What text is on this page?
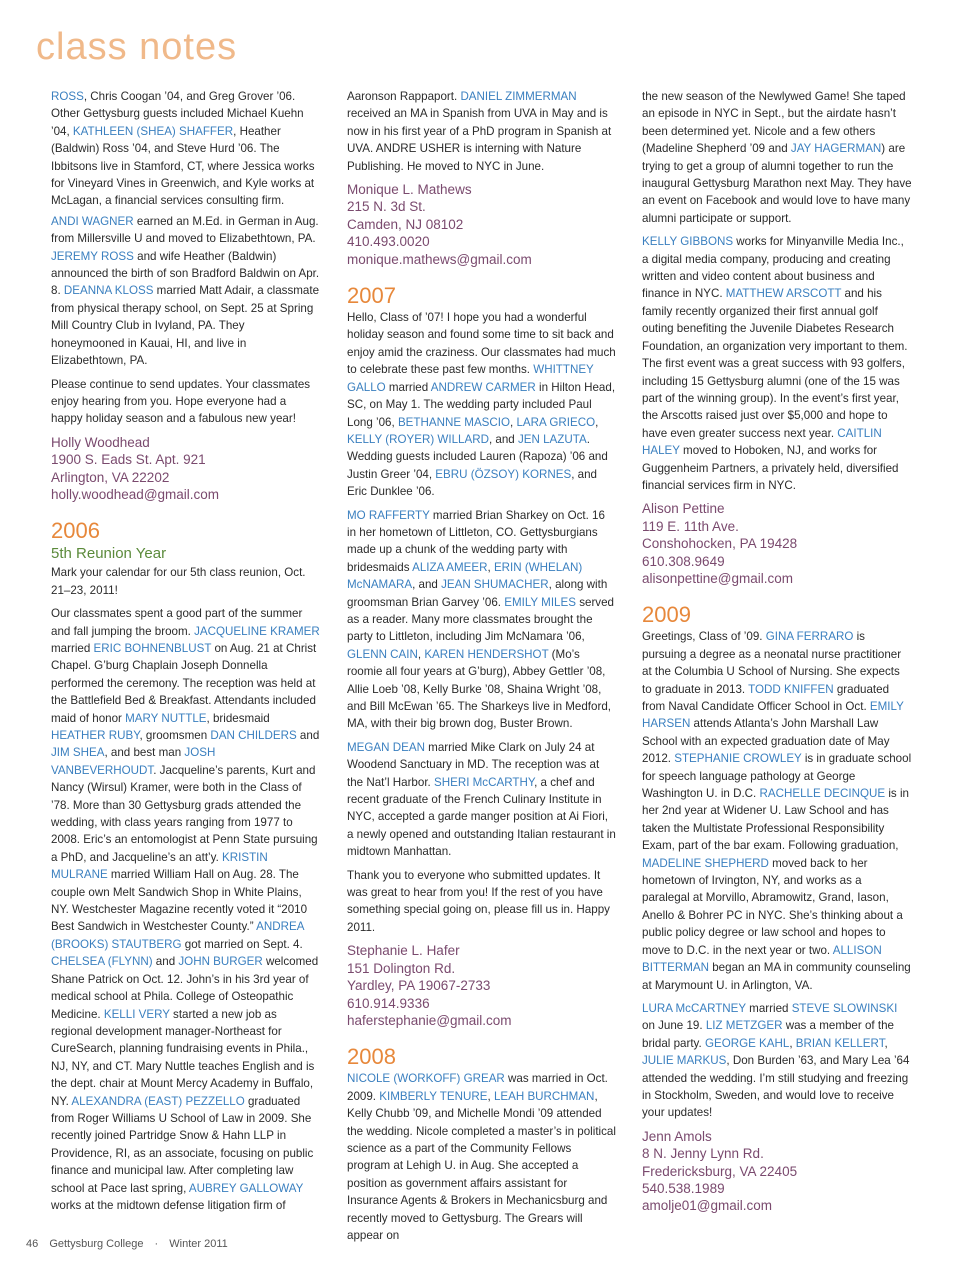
class notes

ROSS, Chris Coogan ’04, and Greg Grover ’06. Other Gettysburg guests included Michael Kuehn ’04, KATHLEEN (SHEA) SHAFFER, Heather (Baldwin) Ross ’04, and Steve Hurd ’06. The Ibbitsons live in Stamford, CT, where Jessica works for Vineyard Vines in Greenwich, and Kyle works at McLagan, a financial services consulting firm.

ANDI WAGNER earned an M.Ed. in German in Aug. from Millersville U and moved to Elizabethtown, PA. JEREMY ROSS and wife Heather (Baldwin) announced the birth of son Bradford Baldwin on Apr. 8. DEANNA KLOSS married Matt Adair, a classmate from physical therapy school, on Sept. 25 at Spring Mill Country Club in Ivyland, PA. They honeymooned in Kauai, HI, and live in Elizabethtown, PA.

Please continue to send updates. Your classmates enjoy hearing from you. Hope everyone had a happy holiday season and a fabulous new year!

Holly Woodhead
1900 S. Eads St. Apt. 921
Arlington, VA 22202
holly.woodhead@gmail.com
2006
5th Reunion Year

Mark your calendar for our 5th class reunion, Oct. 21–23, 2011!

Our classmates spent a good part of the summer and fall jumping the broom. JACQUELINE KRAMER married ERIC BOHNENBLUST on Aug. 21 at Christ Chapel. G’burg Chaplain Joseph Donnella performed the ceremony. The reception was held at the Battlefield Bed & Breakfast. Attendants included maid of honor MARY NUTTLE, bridesmaid HEATHER RUBY, groomsmen DAN CHILDERS and JIM SHEA, and best man JOSH VANBEVERHOUDT. Jacqueline’s parents, Kurt and Nancy (Wirsul) Kramer, were both in the Class of ’78. More than 30 Gettysburg grads attended the wedding, with class years ranging from 1977 to 2008. Eric’s an entomologist at Penn State pursuing a PhD, and Jacqueline’s an att’y. KRISTIN MULRANE married William Hall on Aug. 28. The couple own Melt Sandwich Shop in White Plains, NY. Westchester Magazine recently voted it “2010 Best Sandwich in Westchester County.” ANDREA (BROOKS) STAUTBERG got married on Sept. 4. CHELSEA (FLYNN) and JOHN BURGER welcomed Shane Patrick on Oct. 12. John’s in his 3rd year of medical school at Phila. College of Osteopathic Medicine. KELLI VERY started a new job as regional development manager-Northeast for CureSearch, planning fundraising events in Phila., NJ, NY, and CT. Mary Nuttle teaches English and is the dept. chair at Mount Mercy Academy in Buffalo, NY. ALEXANDRA (EAST) PEZZELLO graduated from Roger Williams U School of Law in 2009. She recently joined Partridge Snow & Hahn LLP in Providence, RI, as an associate, focusing on public finance and municipal law. After completing law school at Pace last spring, AUBREY GALLOWAY works at the midtown defense litigation firm of

Aaronson Rappaport. DANIEL ZIMMERMAN received an MA in Spanish from UVA in May and is now in his first year of a PhD program in Spanish at UVA. ANDRE USHER is interning with Nature Publishing. He moved to NYC in June.

Monique L. Mathews
215 N. 3d St.
Camden, NJ 08102
410.493.0020
monique.mathews@gmail.com
2007

Hello, Class of ’07! I hope you had a wonderful holiday season and found some time to sit back and enjoy amid the craziness. Our classmates had much to celebrate these past few months. WHITTNEY GALLO married ANDREW CARMER in Hilton Head, SC, on May 1. The wedding party included Paul Long ’06, BETHANNE MASCIO, LARA GRIECO, KELLY (ROYER) WILLARD, and JEN LAZUTA. Wedding guests included Lauren (Rapoza) ’06 and Justin Greer ’04, EBRU (ÖZSOY) KORNES, and Eric Dunklee ’06.

MO RAFFERTY married Brian Sharkey on Oct. 16 in her hometown of Littleton, CO. Gettysburgians made up a chunk of the wedding party with bridesmaids ALIZA AMEER, ERIN (WHELAN) McNAMARA, and JEAN SHUMACHER, along with groomsman Brian Garvey ’06. EMILY MILES served as a reader. Many more classmates brought the party to Littleton, including Jim McNamara ’06, GLENN CAIN, KAREN HENDERSHOT (Mo’s roomie all four years at G’burg), Abbey Gettler ’08, Allie Loeb ’08, Kelly Burke ’08, Shaina Wright ’08, and Bill McEwan ’65. The Sharkeys live in Medford, MA, with their big brown dog, Buster Brown.

MEGAN DEAN married Mike Clark on July 24 at Woodend Sanctuary in MD. The reception was at the Nat’l Harbor. SHERI McCARTHY, a chef and recent graduate of the French Culinary Institute in NYC, accepted a garde manger position at Ai Fiori, a newly opened and outstanding Italian restaurant in midtown Manhattan.

Thank you to everyone who submitted updates. It was great to hear from you! If the rest of you have something special going on, please fill us in. Happy 2011.

Stephanie L. Hafer
151 Dolington Rd.
Yardley, PA 19067-2733
610.914.9336
haferstephanie@gmail.com
2008

NICOLE (WORKOFF) GREAR was married in Oct. 2009. KIMBERLY TENURE, LEAH BURCHMAN, Kelly Chubb ’09, and Michelle Mondi ’09 attended the wedding. Nicole completed a master’s in political science as a part of the Community Fellows program at Lehigh U. in Aug. She accepted a position as government affairs assistant for Insurance Agents & Brokers in Mechanicsburg and recently moved to Gettysburg. The Grears will appear on

the new season of the Newlywed Game! She taped an episode in NYC in Sept., but the airdate hasn’t been determined yet. Nicole and a few others (Madeline Shepherd ’09 and JAY HAGERMAN) are trying to get a group of alumni together to run the inaugural Gettysburg Marathon next May. They have an event on Facebook and would love to have many alumni participate or support.

KELLY GIBBONS works for Minyanville Media Inc., a digital media company, producing and creating written and video content about business and finance in NYC. MATTHEW ARSCOTT and his family recently organized their first annual golf outing benefiting the Juvenile Diabetes Research Foundation, an organization very important to them. The first event was a great success with 93 golfers, including 15 Gettysburg alumni (one of the 15 was part of the winning group). In the event’s first year, the Arscotts raised just over $5,000 and hope to have even greater success next year. CAITLIN HALEY moved to Hoboken, NJ, and works for Guggenheim Partners, a privately held, diversified financial services firm in NYC.

Alison Pettine
119 E. 11th Ave.
Conshohocken, PA 19428
610.308.9649
alisonpettine@gmail.com
2009

Greetings, Class of ’09. GINA FERRARO is pursuing a degree as a neonatal nurse practitioner at the Columbia U School of Nursing. She expects to graduate in 2013. TODD KNIFFEN graduated from Naval Candidate Officer School in Oct. EMILY HARSEN attends Atlanta’s John Marshall Law School with an expected graduation date of May 2012. STEPHANIE CROWLEY is in graduate school for speech language pathology at George Washington U. in D.C. RACHELLE DECINQUE is in her 2nd year at Widener U. Law School and has taken the Multistate Professional Responsibility Exam, part of the bar exam. Following graduation, MADELINE SHEPHERD moved back to her hometown of Irvington, NY, and works as a paralegal at Morvillo, Abramowitz, Grand, Iason, Anello & Bohrer PC in NYC. She’s thinking about a public policy degree or law school and hopes to move to D.C. in the next year or two. ALLISON BITTERMAN began an MA in community counseling at Marymount U. in Arlington, VA.

LURA McCARTNEY married STEVE SLOWINSKI on June 19. LIZ METZGER was a member of the bridal party. GEORGE KAHL, BRIAN KELLERT, JULIE MARKUS, Don Burden ’63, and Mary Lea ’64 attended the wedding. I’m still studying and freezing in Stockholm, Sweden, and would love to receive your updates!

Jenn Amols
8 N. Jenny Lynn Rd.
Fredericksburg, VA 22405
540.538.1989
amolje01@gmail.com
46 Gettysburg College · Winter 2011
